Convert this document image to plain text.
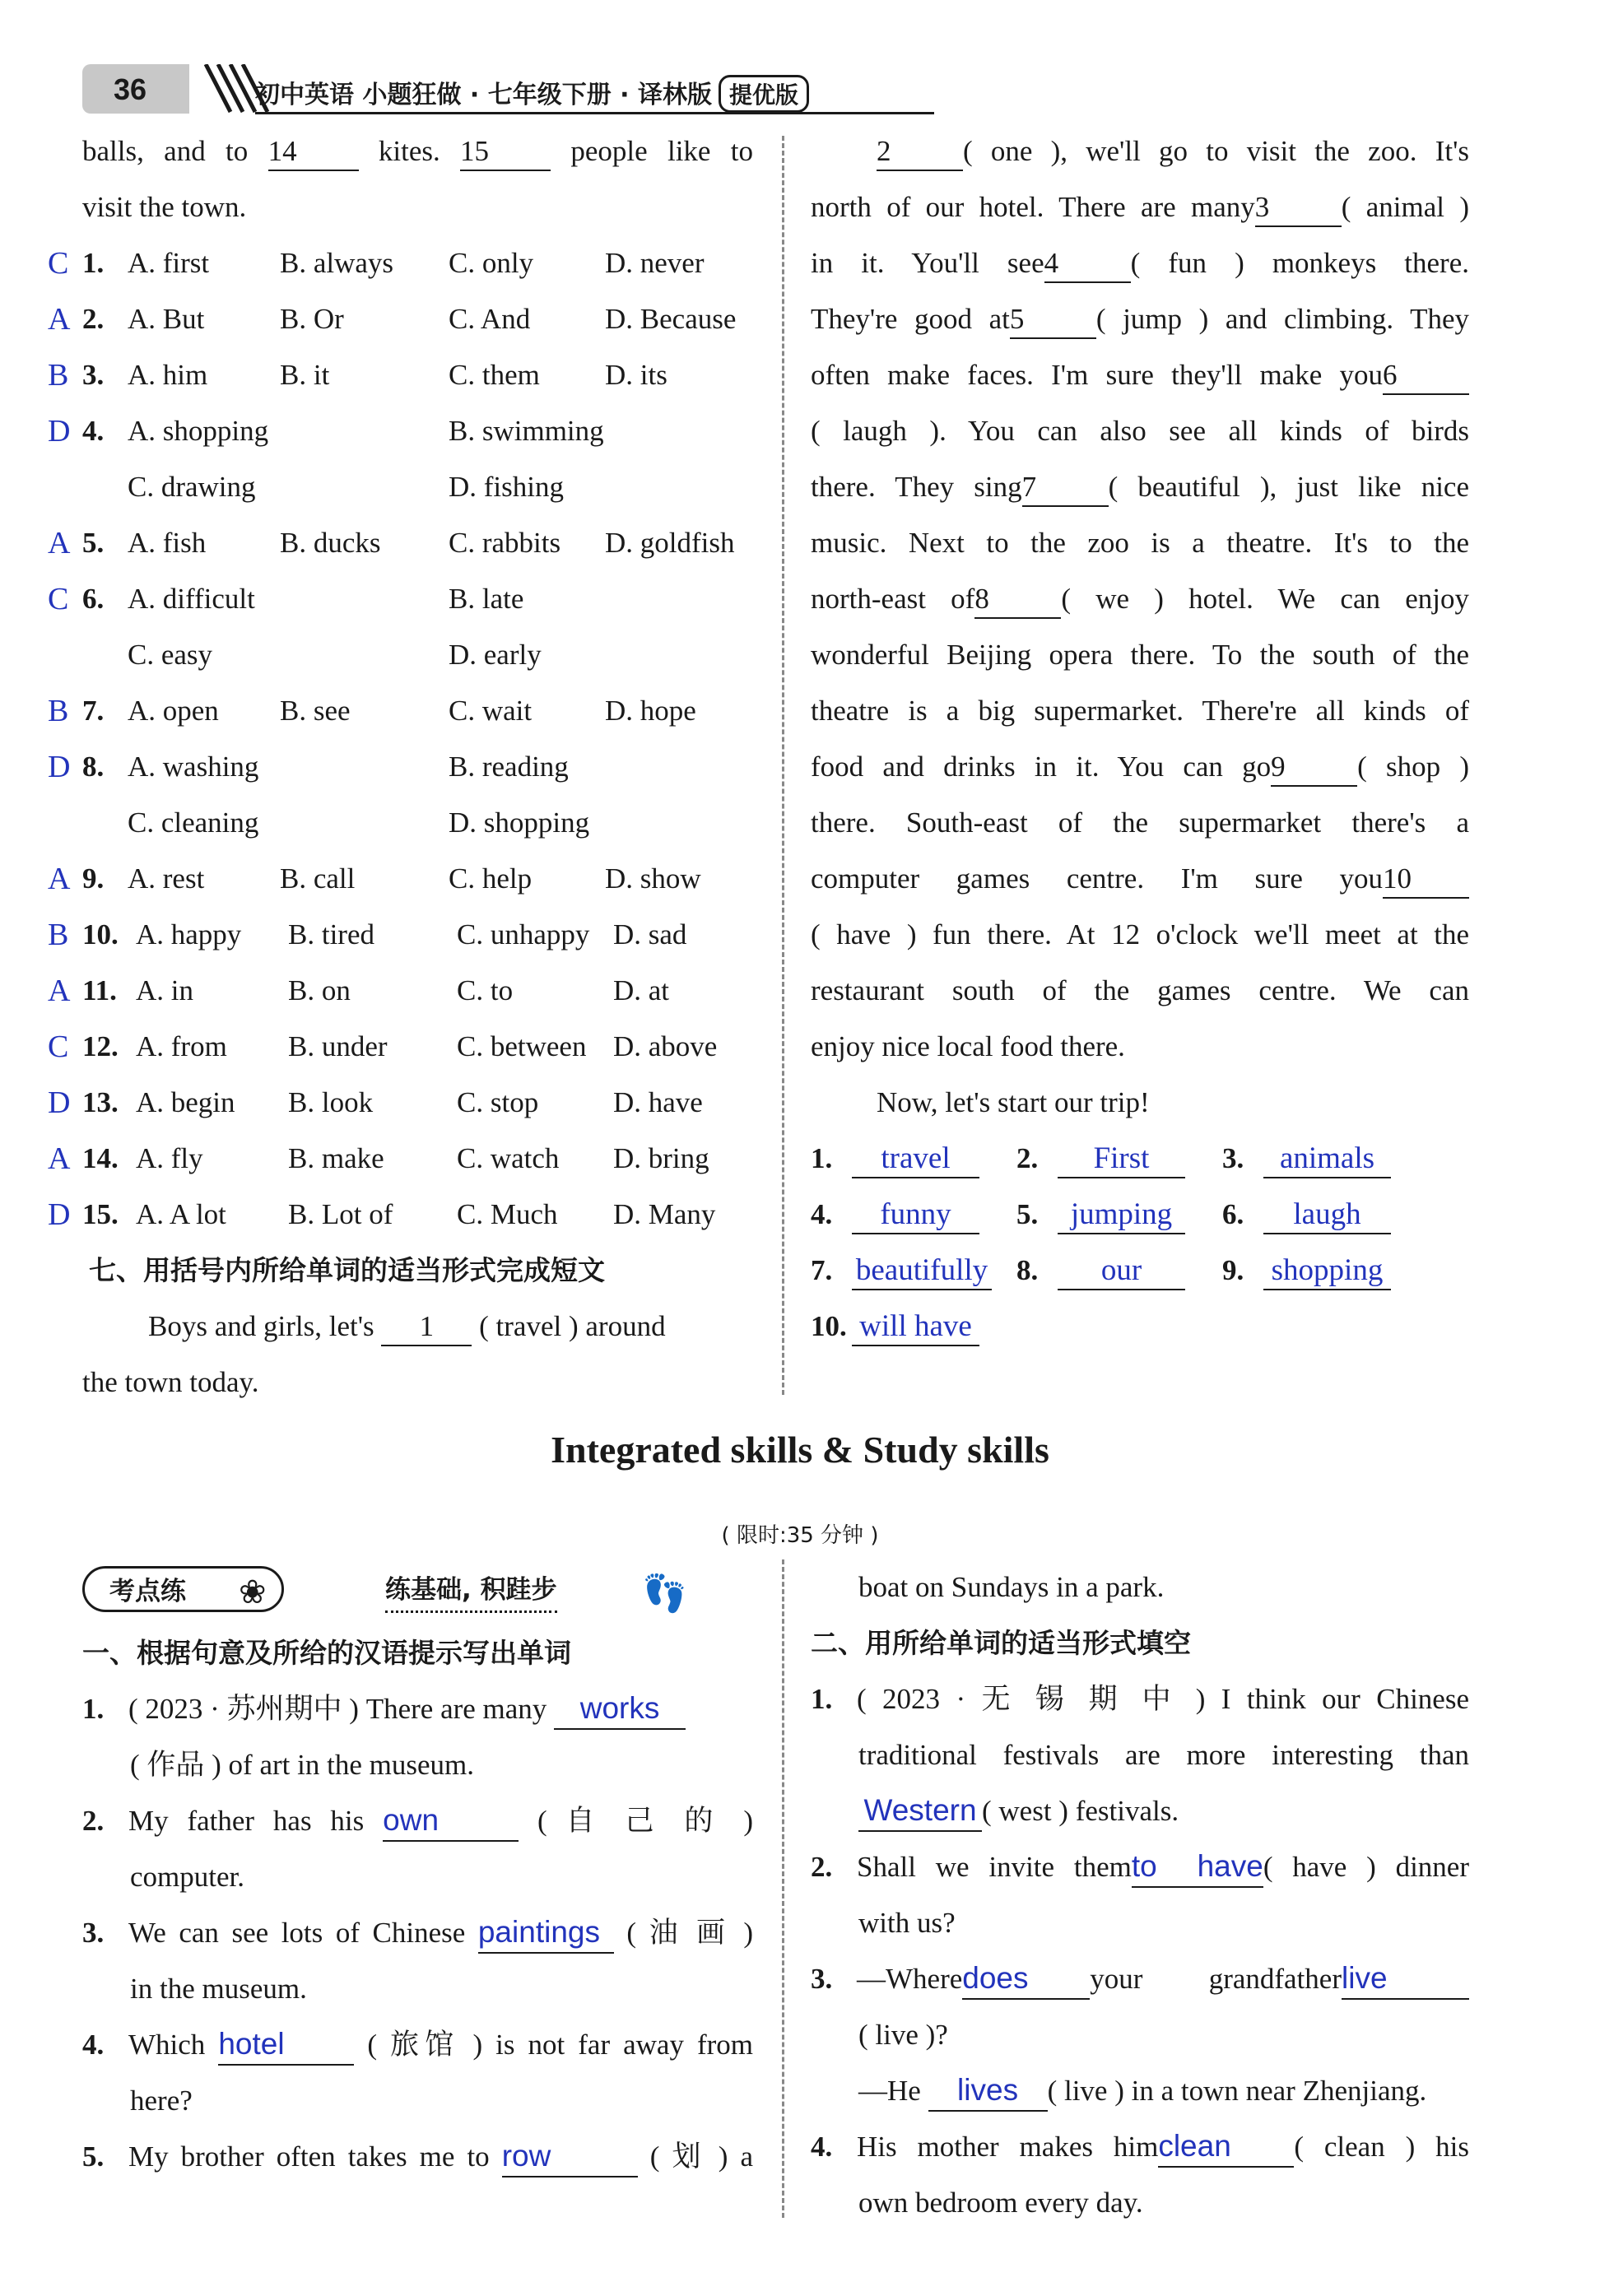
36	初中英语 小题狂做 · 七年级下册 · 译林版 提优版
balls, and to 14	kites. 15	people like to
visit the town.
C 1. A. first B. always C. only D. never
A 2. A. But	B. Or	C. And	D. Because
B 3. A. him	B. it	C. them D. its
D 4. A. shopping	B. swimming
C. drawing	D. fishing
A 5. A. fish	B. ducks C. rabbits D. goldfish
C 6. A. difficult	B. late
C. easy	D. early
B 7. A. open B. see	C. wait	D. hope
D 8. A. washing	B. reading
C. cleaning	D. shopping
A 9. A. rest	B. call	C. help	D. show
B 10. A. happy B. tired	C. unhappy D. sad
A 11. A. in	B. on	C. to	D. at
C 12. A. from B. under C. between D. above
D 13. A. begin B. look	C. stop	D. have
A 14. A. fly	B. make	C. watch D. bring
D 15. A. A lot B. Lot of C. Much D. Many
七、用括号内所给单词的适当形式完成短文
Boys and girls, let's 1 ( travel ) around
the town today.
2	( one ), we'll go to visit the zoo. It's
north of our hotel. There are many3	( animal )
in it. You'll see4	( fun ) monkeys there.
They're good at5	( jump ) and climbing. They
often make faces. I'm sure they'll make you6
( laugh ). You can also see all kinds of birds
there. They sing7	( beautiful ), just like nice
music. Next to the zoo is a theatre. It's to the
north-east of8	( we ) hotel. We can enjoy
wonderful Beijing opera there. To the south of the
theatre is a big supermarket. There're all kinds of
food and drinks in it. You can go9	( shop )
there. South-east of the supermarket there's a
computer games centre. I'm sure you10
( have ) fun there. At 12 o'clock we'll meet at the
restaurant south of the games centre. We can
enjoy nice local food there.
Now, let's start our trip!
1. travel	2. First	3. animals
4. funny	5. jumping	6. laugh
7. beautifully 8. our	9. shopping
10. will have
Integrated skills & Study skills
( 限时:35 分钟 )
考点练	❀	练基础, 积跬步 👣
一、根据句意及所给的汉语提示写出单词
1. ( 2023 · 苏州期中 ) There are many works
( 作品 ) of art in the museum.
2. My father has his own	( 自 己 的 )
computer.
3. We can see lots of Chinese paintings ( 油 画 )
in the museum.
4. Which hotel	( 旅馆 ) is not far away from
here?
5. My brother often takes me to row	( 划 ) a
boat on Sundays in a park.
二、用所给单词的适当形式填空
1. ( 2023 · 无 锡 期 中 ) I think our Chinese
traditional festivals are more interesting than
Western ( west ) festivals.
2. Shall we invite themto have( have ) dinner
with us?
3. —Wheredoes your grandfatherlive
( live )?
—He lives ( live ) in a town near Zhenjiang.
4. His mother makes himclean ( clean ) his
own bedroom every day.
